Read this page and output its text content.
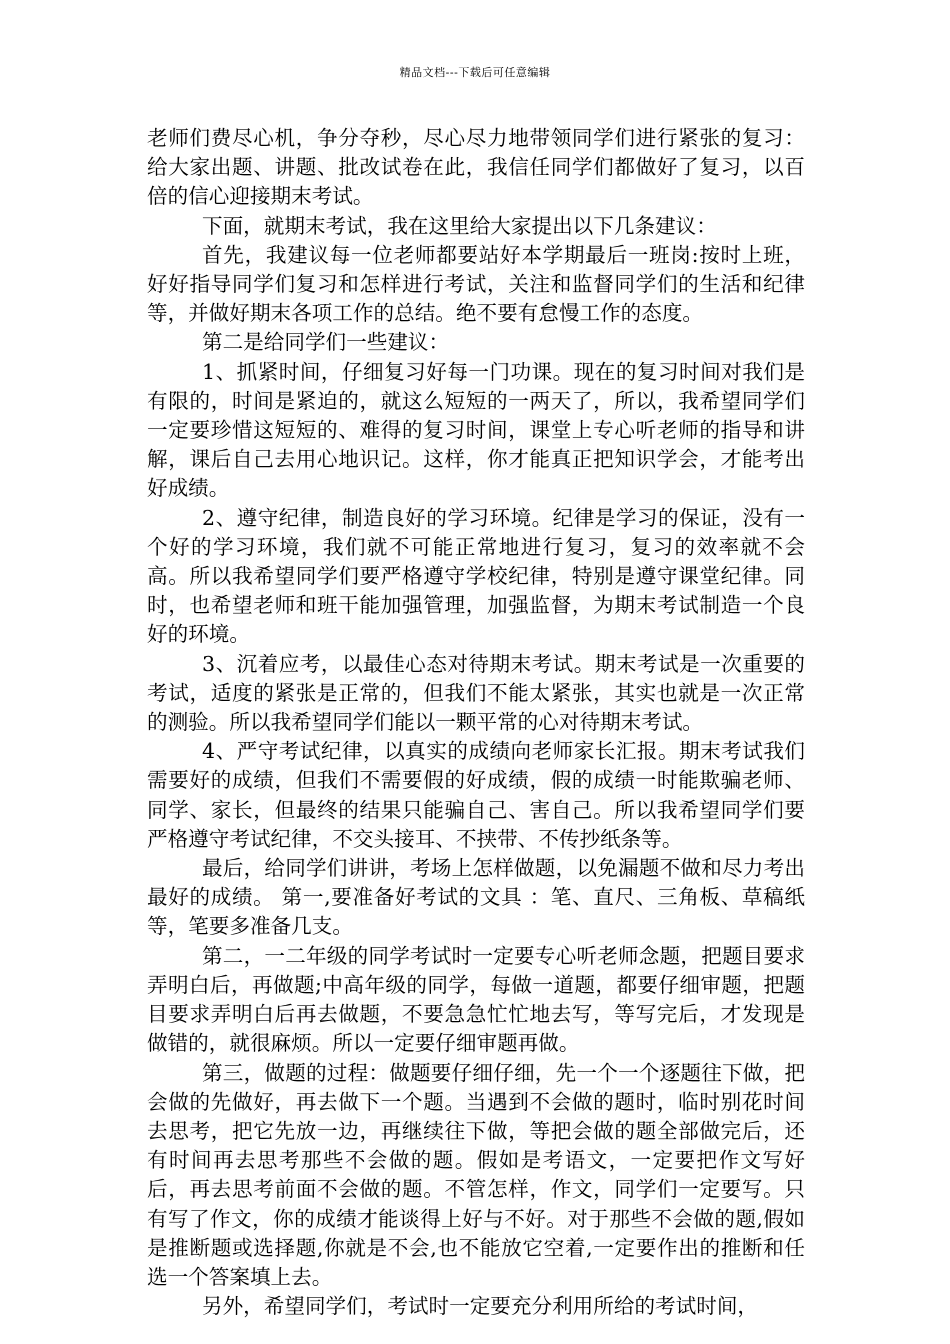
精品文档---下载后可任意编辑

老师们费尽心机，争分夺秒，尽心尽力地带领同学们进行紧张的复习：给大家出题、讲题、批改试卷在此，我信任同学们都做好了复习，以百倍的信心迎接期末考试。

下面，就期末考试，我在这里给大家提出以下几条建议：

首先，我建议每一位老师都要站好本学期最后一班岗:按时上班，好好指导同学们复习和怎样进行考试，关注和监督同学们的生活和纪律等，并做好期末各项工作的总结。绝不要有怠慢工作的态度。

第二是给同学们一些建议：

1、抓紧时间，仔细复习好每一门功课。现在的复习时间对我们是有限的，时间是紧迫的，就这么短短的一两天了，所以，我希望同学们一定要珍惜这短短的、难得的复习时间，课堂上专心听老师的指导和讲解，课后自己去用心地识记。这样，你才能真正把知识学会，才能考出好成绩。

2、遵守纪律，制造良好的学习环境。纪律是学习的保证，没有一个好的学习环境，我们就不可能正常地进行复习，复习的效率就不会高。所以我希望同学们要严格遵守学校纪律，特别是遵守课堂纪律。同时，也希望老师和班干能加强管理，加强监督，为期末考试制造一个良好的环境。

3、沉着应考，以最佳心态对待期末考试。期末考试是一次重要的考试，适度的紧张是正常的，但我们不能太紧张，其实也就是一次正常的测验。所以我希望同学们能以一颗平常的心对待期末考试。

4、严守考试纪律，以真实的成绩向老师家长汇报。期末考试我们需要好的成绩，但我们不需要假的好成绩，假的成绩一时能欺骗老师、同学、家长，但最终的结果只能骗自己、害自己。所以我希望同学们要严格遵守考试纪律，不交头接耳、不挟带、不传抄纸条等。

最后，给同学们讲讲，考场上怎样做题，以免漏题不做和尽力考出最好的成绩。 第一,要准备好考试的文具 ：笔、直尺、三角板、草稿纸等，笔要多准备几支。

第二，一二年级的同学考试时一定要专心听老师念题，把题目要求弄明白后，再做题;中高年级的同学，每做一道题，都要仔细审题，把题目要求弄明白后再去做题，不要急急忙忙地去写，等写完后，才发现是做错的，就很麻烦。所以一定要仔细审题再做。

第三，做题的过程：做题要仔细仔细，先一个一个逐题往下做，把会做的先做好，再去做下一个题。当遇到不会做的题时，临时别花时间去思考，把它先放一边，再继续往下做，等把会做的题全部做完后，还有时间再去思考那些不会做的题。假如是考语文，一定要把作文写好后，再去思考前面不会做的题。不管怎样，作文，同学们一定要写。只有写了作文，你的成绩才能谈得上好与不好。对于那些不会做的题,假如是推断题或选择题,你就是不会,也不能放它空着,一定要作出的推断和任选一个答案填上去。

另外，希望同学们，考试时一定要充分利用所给的考试时间，
